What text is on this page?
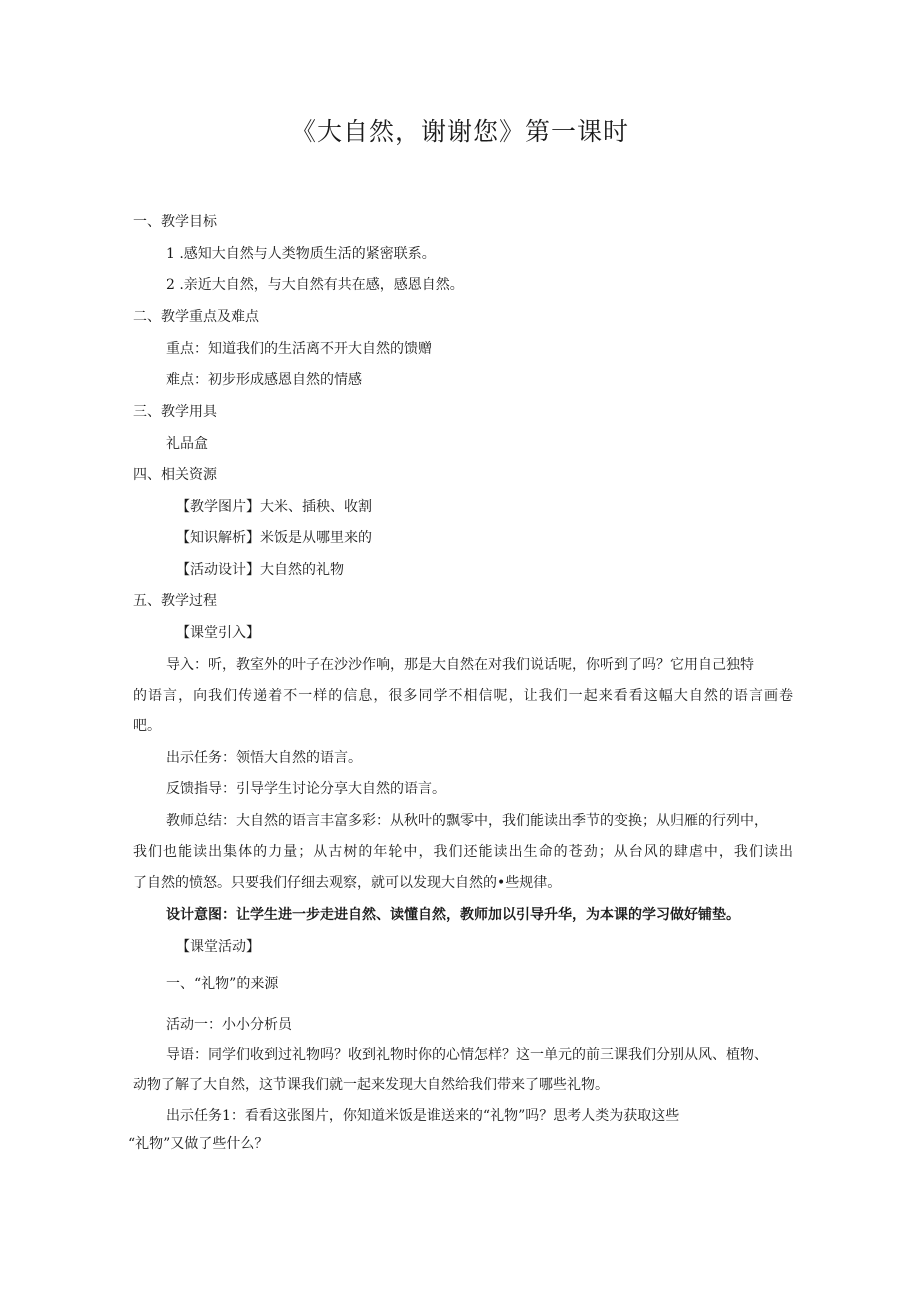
《大自然，谢谢您》第一课时
一、教学目标
1 .感知大自然与人类物质生活的紧密联系。
2 .亲近大自然，与大自然有共在感，感恩自然。
二、教学重点及难点
重点：知道我们的生活离不开大自然的馈赠
难点：初步形成感恩自然的情感
三、教学用具
礼品盒
四、相关资源
【教学图片】大米、插秧、收割
【知识解析】米饭是从哪里来的
【活动设计】大自然的礼物
五、教学过程
【课堂引入】
导入：听，教室外的叶子在沙沙作响，那是大自然在对我们说话呢，你听到了吗？它用自己独特
的语言，向我们传递着不一样的信息，很多同学不相信呢，让我们一起来看看这幅大自然的语言画卷
吧。
出示任务：领悟大自然的语言。
反馈指导：引导学生讨论分享大自然的语言。
教师总结：大自然的语言丰富多彩：从秋叶的飘零中，我们能读出季节的变换；从归雁的行列中，
我们也能读出集体的力量；从古树的年轮中，我们还能读出生命的苍劲；从台风的肆虐中，我们读出
了自然的愤怒。只要我们仔细去观察，就可以发现大自然的•些规律。
设计意图：让学生进一步走进自然、读懂自然，教师加以引导升华，为本课的学习做好铺垫。
【课堂活动】
一、“礼物”的来源
活动一：小小分析员
导语：同学们收到过礼物吗？收到礼物时你的心情怎样？这一单元的前三课我们分别从风、植物、
动物了解了大自然，这节课我们就一起来发现大自然给我们带来了哪些礼物。
出示任务1：看看这张图片，你知道米饭是谁送来的“礼物”吗？思考人类为获取这些
“礼物”又做了些什么？
